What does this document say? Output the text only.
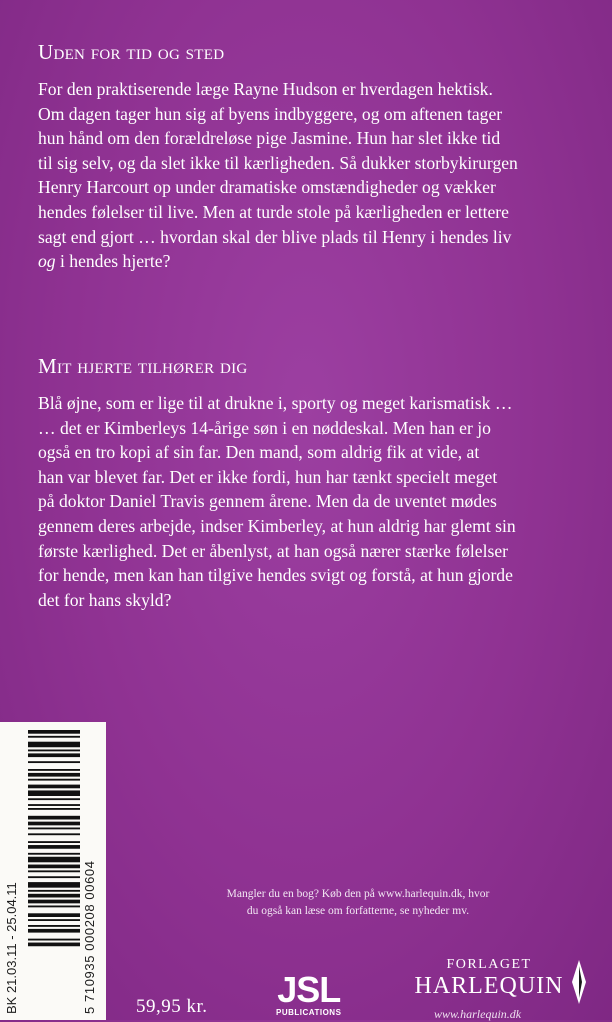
Uden for tid og sted

For den praktiserende læge Rayne Hudson er hverdagen hektisk.
Om dagen tager hun sig af byens indbyggere, og om aftenen tager
hun hånd om den forældreløse pige Jasmine. Hun har slet ikke tid
til sig selv, og da slet ikke til kærligheden. Så dukker storbykirurgen
Henry Harcourt op under dramatiske omstændigheder og vækker
hendes følelser til live. Men at turde stole på kærligheden er lettere
sagt end gjort … hvordan skal der blive plads til Henry i hendes liv
og i hendes hjerte?

Mit hjerte tilhører dig

Blå øjne, som er lige til at drukne i, sporty og meget karismatisk …
… det er Kimberleys 14-årige søn i en nøddeskal. Men han er jo
også en tro kopi af sin far. Den mand, som aldrig fik at vide, at
han var blevet far. Det er ikke fordi, hun har tænkt specielt meget
på doktor Daniel Travis gennem årene. Men da de uventet mødes
gennem deres arbejde, indser Kimberley, at hun aldrig har glemt sin
første kærlighed. Det er åbenlyst, at han også nærer stærke følelser
for hende, men kan han tilgive hendes svigt og forstå, at hun gjorde
det for hans skyld?

BK 21.03.11 - 25.04.11	5 710935 000208 00604	Mangler du en bog? Køb den på www.harlequin.dk, hvor
du også kan læse om forfatterne, se nyheder mv.
59,95 kr. JSL
PUBLICATIONS
FORLAGET
HARLEQUIN
www.harlequin.dk
